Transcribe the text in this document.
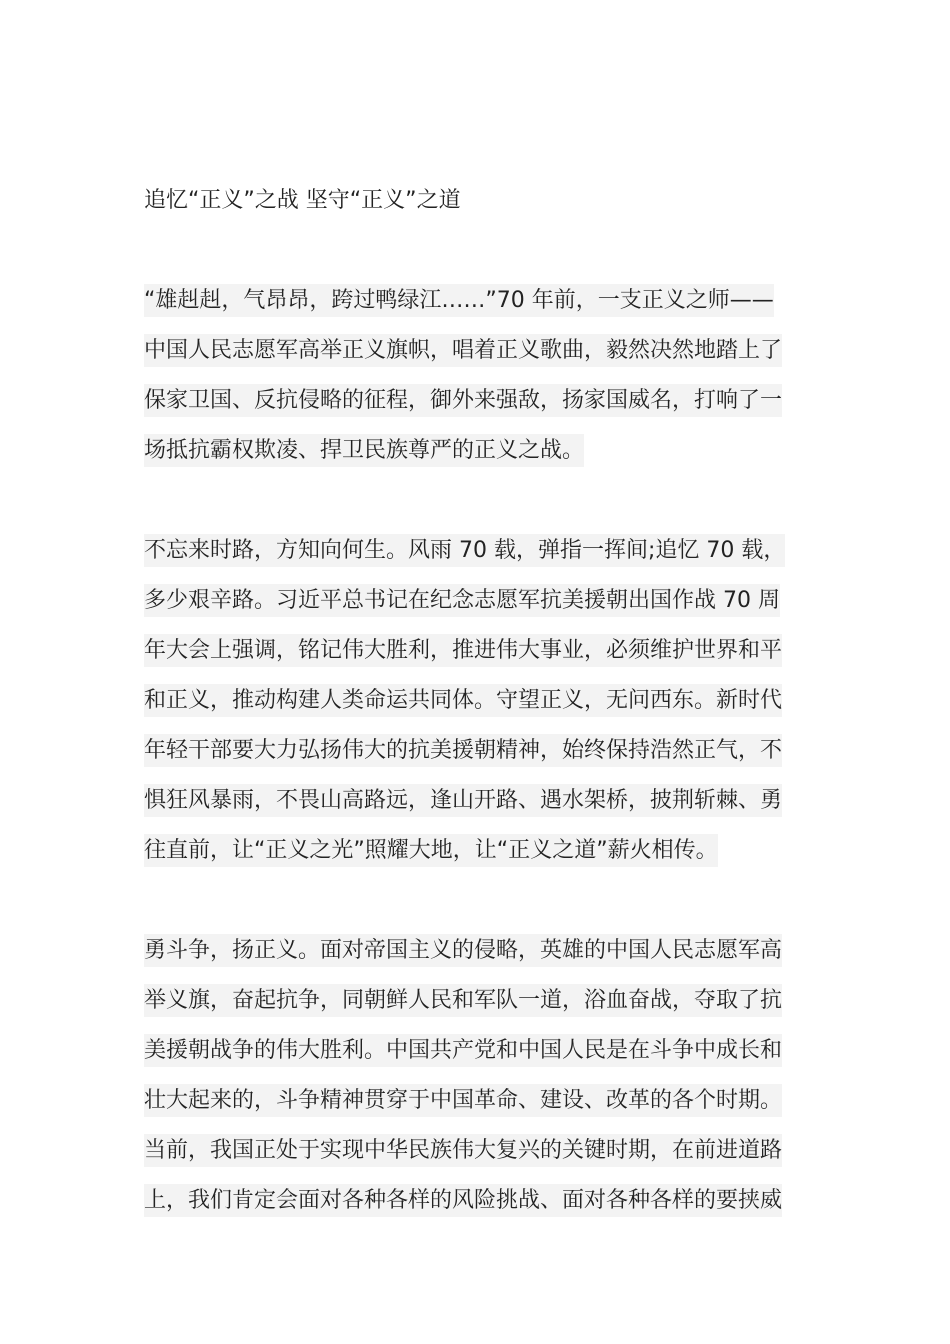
追忆“正义”之战 坚守“正义”之道
“雄赳赳，气昂昂，跨过鸭绿江……”70 年前，一支正义之师——
中国人民志愿军高举正义旗帜，唱着正义歌曲，毅然决然地踏上了
保家卫国、反抗侵略的征程，御外来强敌，扬家国威名，打响了一
场抵抗霸权欺凌、捍卫民族尊严的正义之战。
不忘来时路，方知向何生。风雨 70 载，弹指一挥间;追忆 70 载，
多少艰辛路。习近平总书记在纪念志愿军抗美援朝出国作战 70 周
年大会上强调，铭记伟大胜利，推进伟大事业，必须维护世界和平
和正义，推动构建人类命运共同体。守望正义，无问西东。新时代
年轻干部要大力弘扬伟大的抗美援朝精神，始终保持浩然正气，不
惧狂风暴雨，不畏山高路远，逢山开路、遇水架桥，披荆斩棘、勇
往直前，让“正义之光”照耀大地，让“正义之道”薪火相传。
勇斗争，扬正义。面对帝国主义的侵略，英雄的中国人民志愿军高
举义旗，奋起抗争，同朝鲜人民和军队一道，浴血奋战，夺取了抗
美援朝战争的伟大胜利。中国共产党和中国人民是在斗争中成长和
壮大起来的，斗争精神贯穿于中国革命、建设、改革的各个时期。
当前，我国正处于实现中华民族伟大复兴的关键时期，在前进道路
上，我们肯定会面对各种各样的风险挑战、面对各种各样的要挟威
